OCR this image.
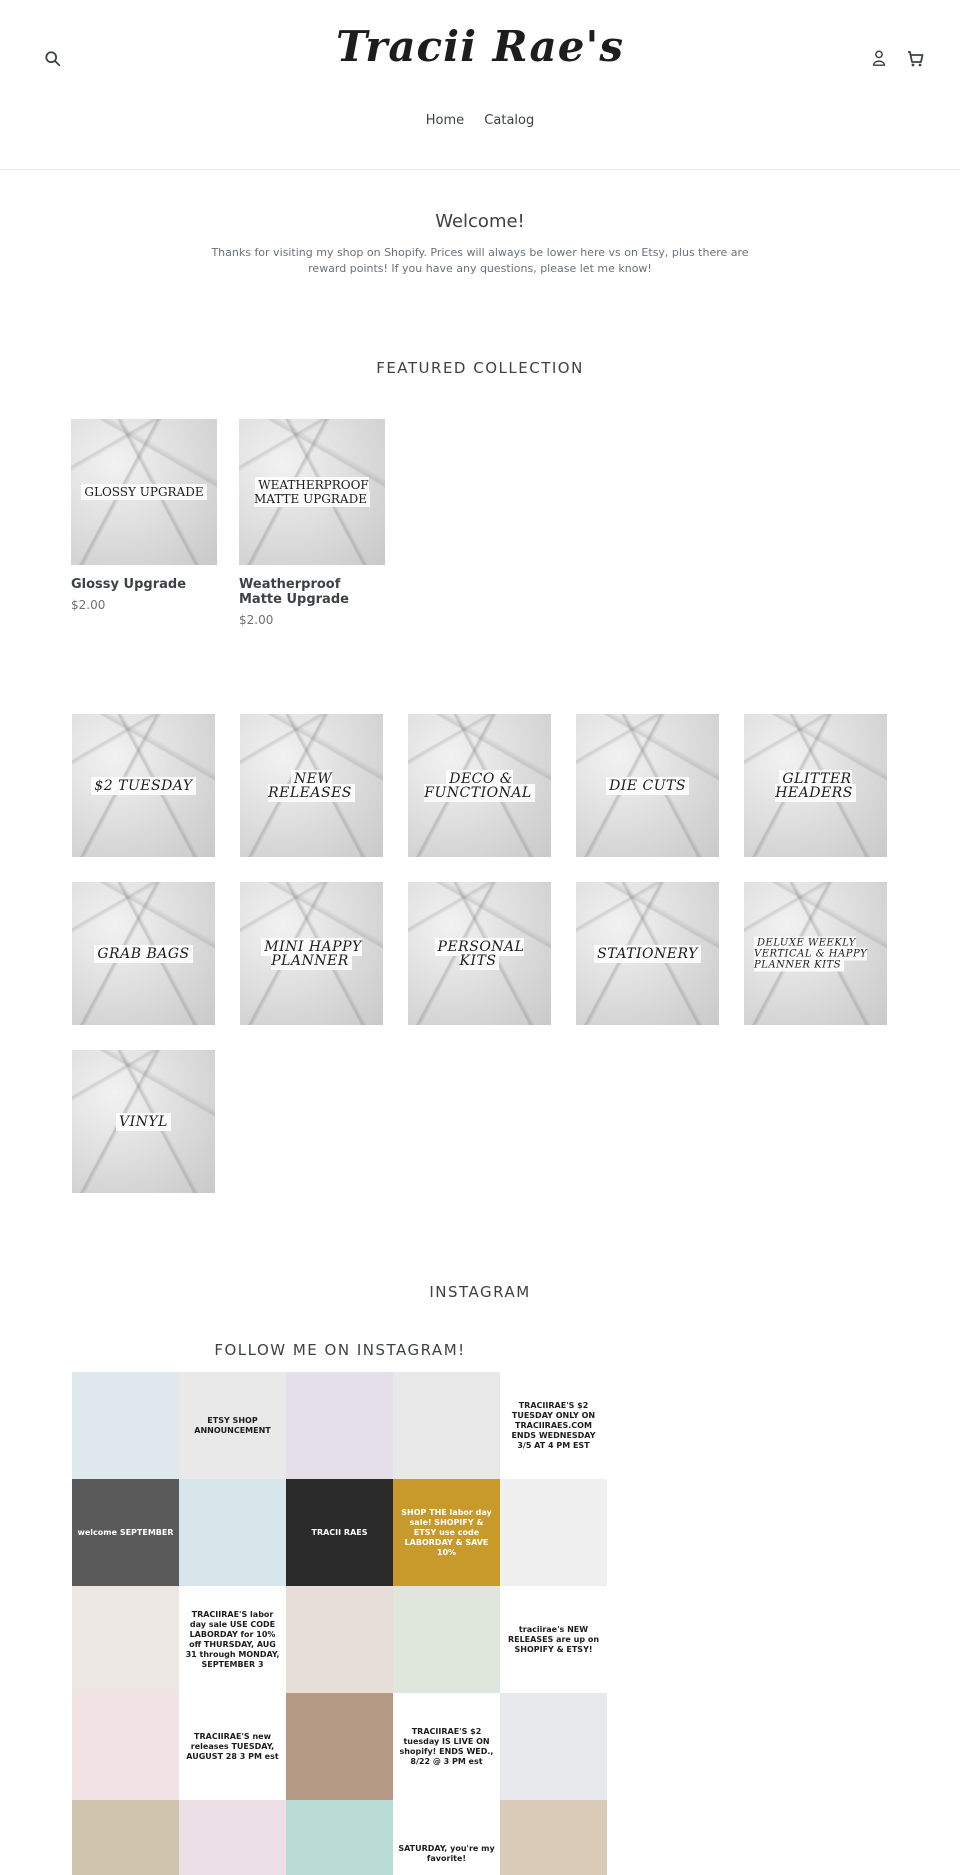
Tracii Rae's
Home Catalog
Welcome!
Thanks for visiting my shop on Shopify. Prices will always be lower here vs on Etsy, plus there are reward points! If you have any questions, please let me know!
FEATURED COLLECTION
GLOSSY UPGRADE
Glossy Upgrade
$2.00
WEATHERPROOF MATTE UPGRADE
Weatherproof Matte Upgrade
$2.00
$2 TUESDAY	NEW RELEASES
DECO & FUNCTIONAL	DIE CUTS	GLITTER HEADERS
GRAB BAGS	MINI HAPPY PLANNER
PERSONAL KITS	STATIONERY
DELUXE WEEKLY VERTICAL & HAPPY PLANNER KITS
VINYL
INSTAGRAM
FOLLOW ME ON INSTAGRAM!
ETSY SHOP ANNOUNCEMENT
TRACIIRAE'S $2 TUESDAY ONLY ON TRACIIRAES.COM ENDS WEDNESDAY 3/5 AT 4 PM EST
welcome SEPTEMBER	TRACII RAES
SHOP THE labor day sale! SHOPIFY & ETSY use code LABORDAY & SAVE 10%
TRACIIRAE'S labor day sale USE CODE LABORDAY for 10% off THURSDAY, AUG 31 through MONDAY, SEPTEMBER 3
traciirae's NEW RELEASES are up on SHOPIFY & ETSY!
TRACIIRAE'S new releases TUESDAY, AUGUST 28 3 PM est
TRACIIRAE'S $2 tuesday IS LIVE ON shopify! ENDS WED., 8/22 @ 3 PM est
SATURDAY, you're my favorite!
